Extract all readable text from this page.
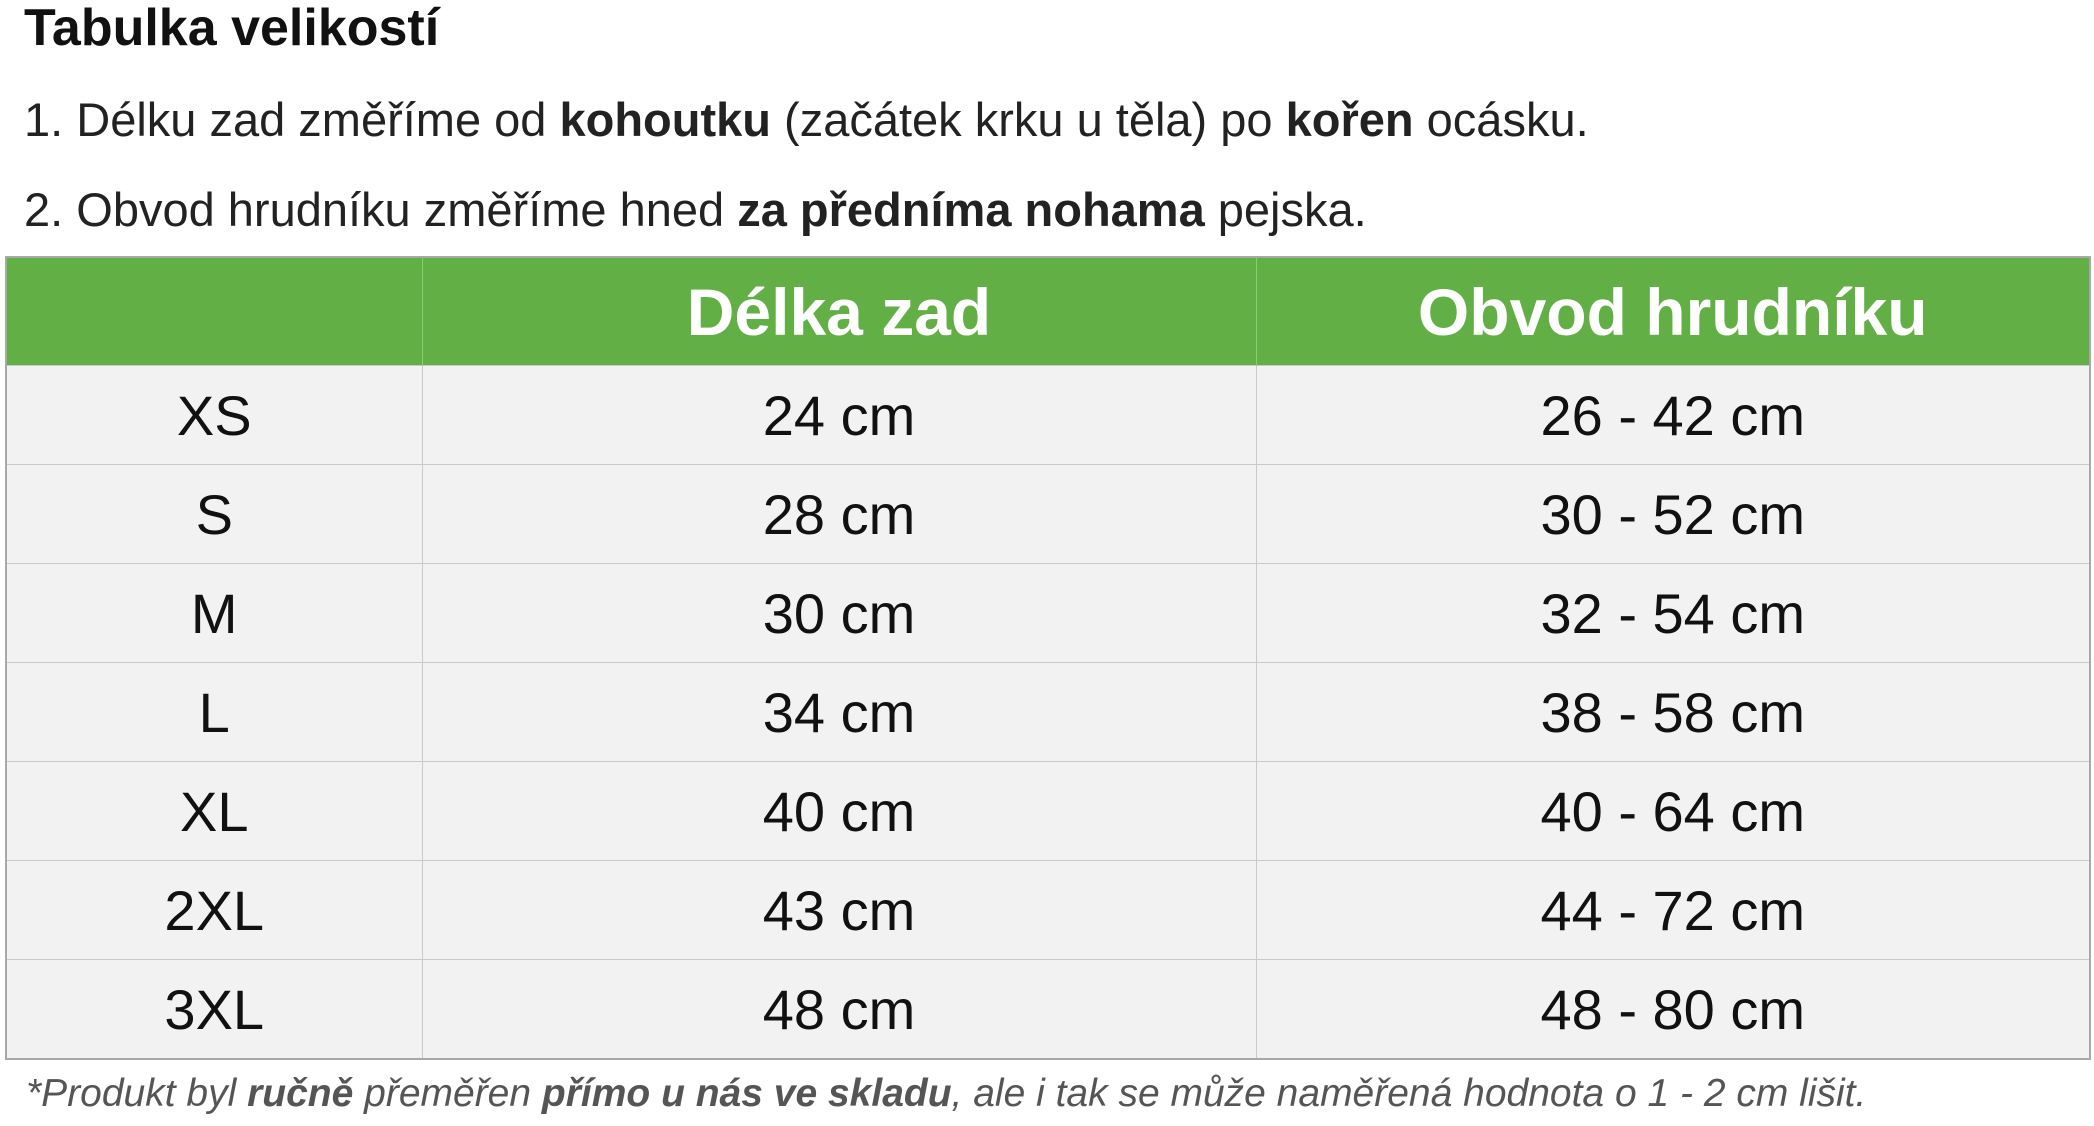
Tabulka velikostí
1. Délku zad změříme od kohoutku (začátek krku u těla) po kořen ocásku.
2. Obvod hrudníku změříme hned za předníma nohama pejska.
	Délka zad	Obvod hrudníku
XS	24 cm	26 - 42 cm
S	28 cm	30 - 52 cm
M	30 cm	32 - 54 cm
L	34 cm	38 - 58 cm
XL	40 cm	40 - 64 cm
2XL	43 cm	44 - 72 cm
3XL	48 cm	48 - 80 cm
*Produkt byl ručně přeměřen přímo u nás ve skladu, ale i tak se může naměřená hodnota o 1 - 2 cm lišit.
